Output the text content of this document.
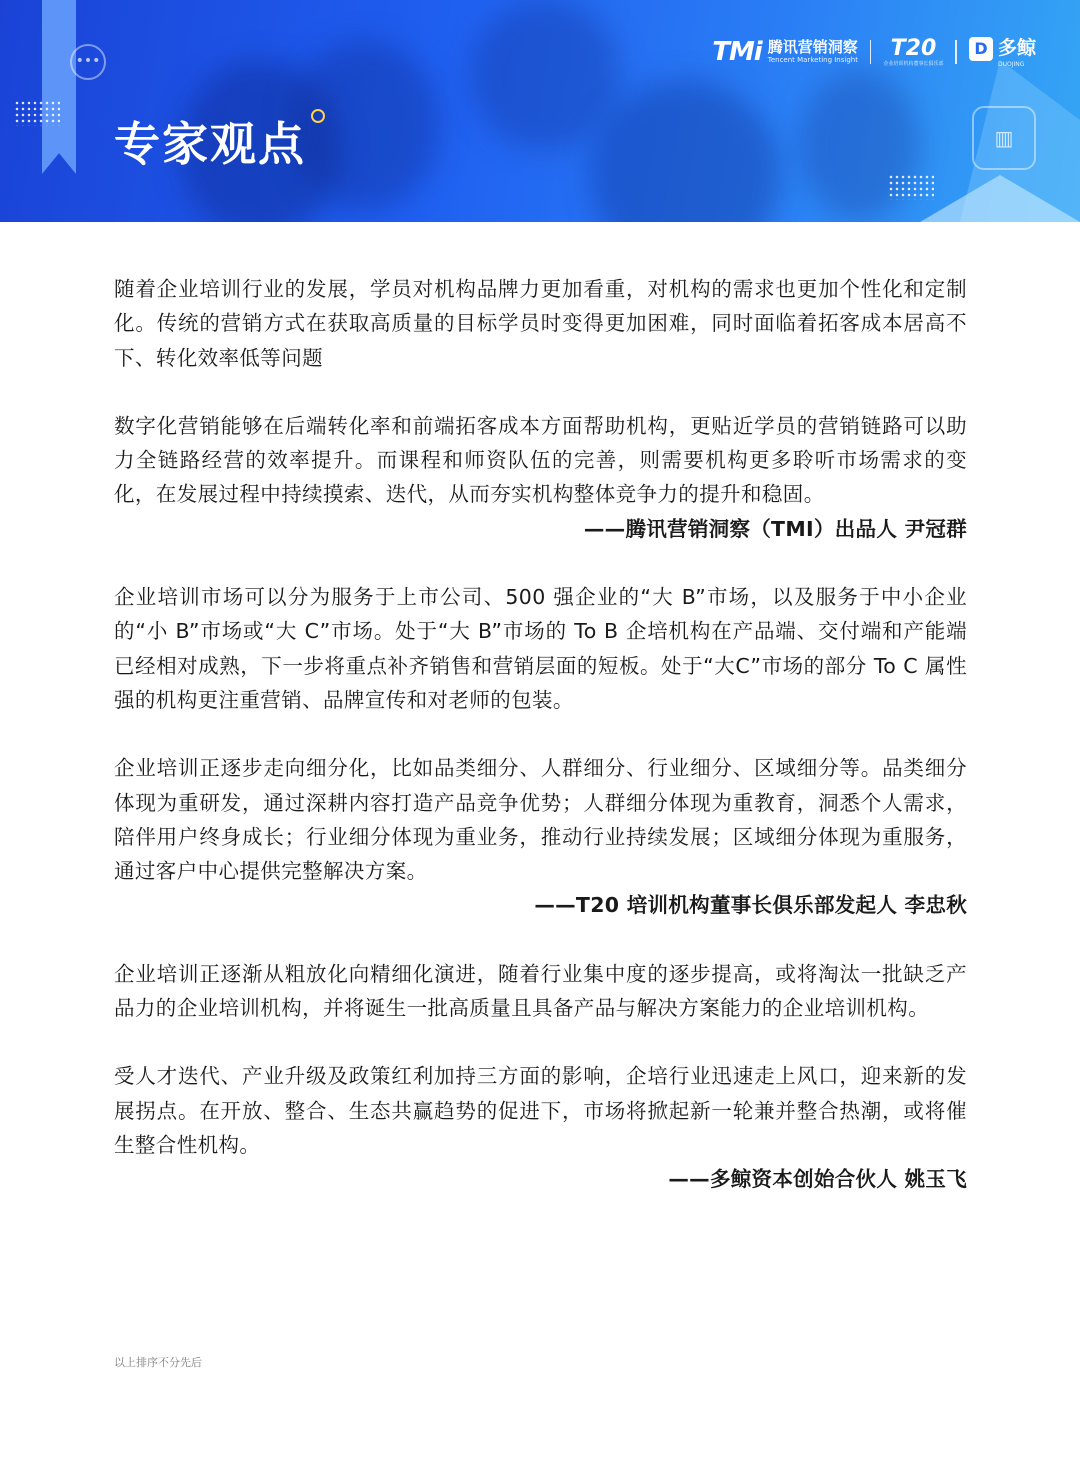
•••
▥
专家观点
TMi 腾讯营销洞察
Tencent Marketing Insight T20
企业培训机构董事长俱乐部
D 多鲸
DUOJING

随着企业培训行业的发展，学员对机构品牌力更加看重，对机构的需求也更加个性化和定制化。传统的营销方式在获取高质量的目标学员时变得更加困难，同时面临着拓客成本居高不下、转化效率低等问题

数字化营销能够在后端转化率和前端拓客成本方面帮助机构，更贴近学员的营销链路可以助力全链路经营的效率提升。而课程和师资队伍的完善，则需要机构更多聆听市场需求的变化，在发展过程中持续摸索、迭代，从而夯实机构整体竞争力的提升和稳固。

——腾讯营销洞察（TMI）出品人 尹冠群

企业培训市场可以分为服务于上市公司、500 强企业的“大 B”市场，以及服务于中小企业的“小 B”市场或“大 C”市场。处于“大 B”市场的 To B 企培机构在产品端、交付端和产能端已经相对成熟，下一步将重点补齐销售和营销层面的短板。处于“大C”市场的部分 To C 属性强的机构更注重营销、品牌宣传和对老师的包装。

企业培训正逐步走向细分化，比如品类细分、人群细分、行业细分、区域细分等。品类细分体现为重研发，通过深耕内容打造产品竞争优势；人群细分体现为重教育，洞悉个人需求，陪伴用户终身成长；行业细分体现为重业务，推动行业持续发展；区域细分体现为重服务，通过客户中心提供完整解决方案。

——T20 培训机构董事长俱乐部发起人 李忠秋

企业培训正逐渐从粗放化向精细化演进，随着行业集中度的逐步提高，或将淘汰一批缺乏产品力的企业培训机构，并将诞生一批高质量且具备产品与解决方案能力的企业培训机构。

受人才迭代、产业升级及政策红利加持三方面的影响，企培行业迅速走上风口，迎来新的发展拐点。在开放、整合、生态共赢趋势的促进下，市场将掀起新一轮兼并整合热潮，或将催生整合性机构。

——多鲸资本创始合伙人 姚玉飞

以上排序不分先后
